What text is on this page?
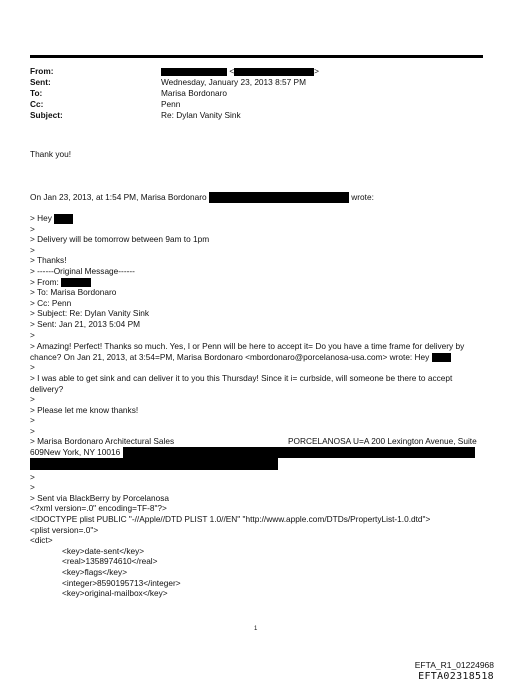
From:	<	>
Sent:	Wednesday, January 23, 2013 8:57 PM
To:	Marisa Bordonaro
Cc:	Penn
Subject:	Re: Dylan Vanity Sink
Thank you!
On Jan 23, 2013, at 1:54 PM, Marisa Bordonaro	wrote:
> Hey
>
> Delivery will be tomorrow between 9am to 1pm
>
> Thanks!
> ------Original Message------
> From:
> To: Marisa Bordonaro
> Cc: Penn
> Subject: Re: Dylan Vanity Sink
> Sent: Jan 21, 2013 5:04 PM
>
> Amazing! Perfect! Thanks so much. Yes, I or Penn will be here to accept it= Do you have a time frame for delivery by chance? On Jan 21, 2013, at 3:54=PM, Marisa Bordonaro <mbordonaro@porcelanosa-usa.com> wrote: Hey
>
> I was able to get sink and can deliver it to you this Thursday! Since it i= curbside, will someone be there to accept delivery?
>
> Please let me know thanks!
>
>
> Marisa Bordonaro Architectural Sales	PORCELANOSA U=A 200 Lexington Avenue, Suite
609New York, NY 10016
>
>
> Sent via BlackBerry by Porcelanosa
<?xml version=.0" encoding=TF-8"?>
<!DOCTYPE plist PUBLIC "-//Apple//DTD PLIST 1.0//EN" "http://www.apple.com/DTDs/PropertyList-1.0.dtd">
<plist version=.0">
<dict>
<key>date-sent</key>
<real>1358974610</real>
<key>flags</key>
<integer>8590195713</integer>
<key>original-mailbox</key>
1
EFTA_R1_01224968
EFTA02318518
